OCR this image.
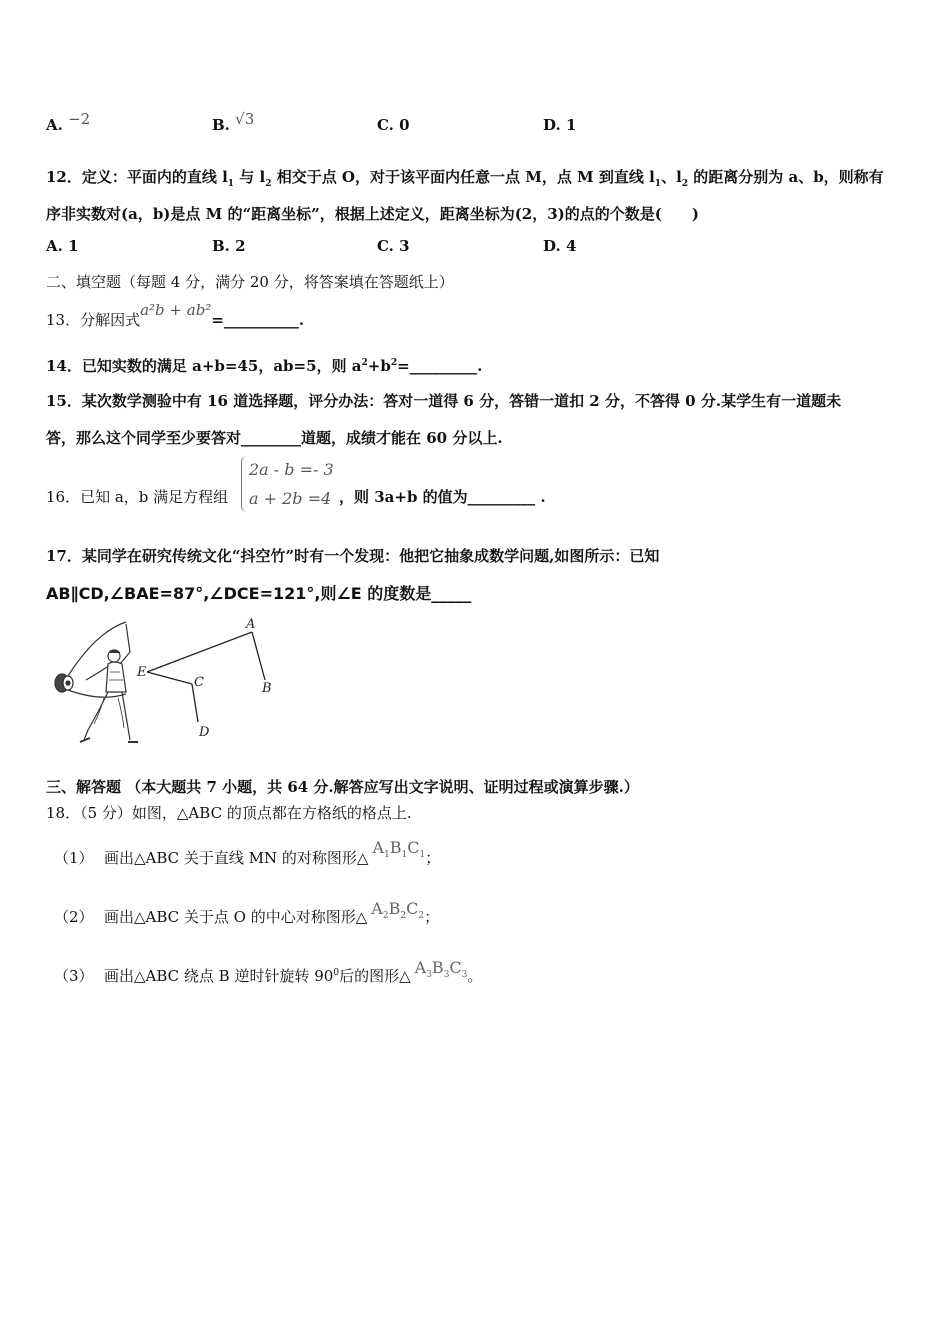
A. −2	B. √3	C. 0	D. 1
12．定义：平面内的直线 $l_1$ 与 $l_2$ 相交于点 O，对于该平面内任意一点 M，点 M 到直线 $l_1$、$l_2$ 的距离分别为 a、b，则称有
序非实数对(a，b)是点 M 的“距离坐标”，根据上述定义，距离坐标为(2，3)的点的个数是(　　)
A. 1	B. 2	C. 3	D. 4
二、填空题（每题 4 分，满分 20 分，将答案填在答题纸上）
13．分解因式a²b + ab²=__________.
14．已知实数的满足 a+b=45，ab=5，则 $a^2+b^2=\_\_\_\_\_\_\_\_\_$.
15．某次数学测验中有 16 道选择题，评分办法：答对一道得 6 分，答错一道扣 2 分，不答得 0 分.某学生有一道题未
答，那么这个同学至少要答对________道题，成绩才能在 60 分以上.
16．已知 a，b 满足方程组
2a - b =- 3
a + 2b =4 ，则 3a+b 的值为_________ .
17．某同学在研究传统文化“抖空竹”时有一个发现：他把它抽象成数学问题,如图所示：已知
AB∥CD,∠BAE=87°,∠DCE=121°,则∠E 的度数是_____
A
B
C
D
E
三、解答题 （本大题共 7 小题，共 64 分.解答应写出文字说明、证明过程或演算步骤.）
18．（5 分）如图，△ABC 的顶点都在方格纸的格点上.
（1） 画出△ABC 关于直线 MN 的对称图形$\triangle A_1B_1C_1$；
（2） 画出△ABC 关于点 O 的中心对称图形△ $A_2B_2C_2$；
（3） 画出△ABC 绕点 B 逆时针旋转 $90^0$后的图形△ $A_3B_3C_3$。
